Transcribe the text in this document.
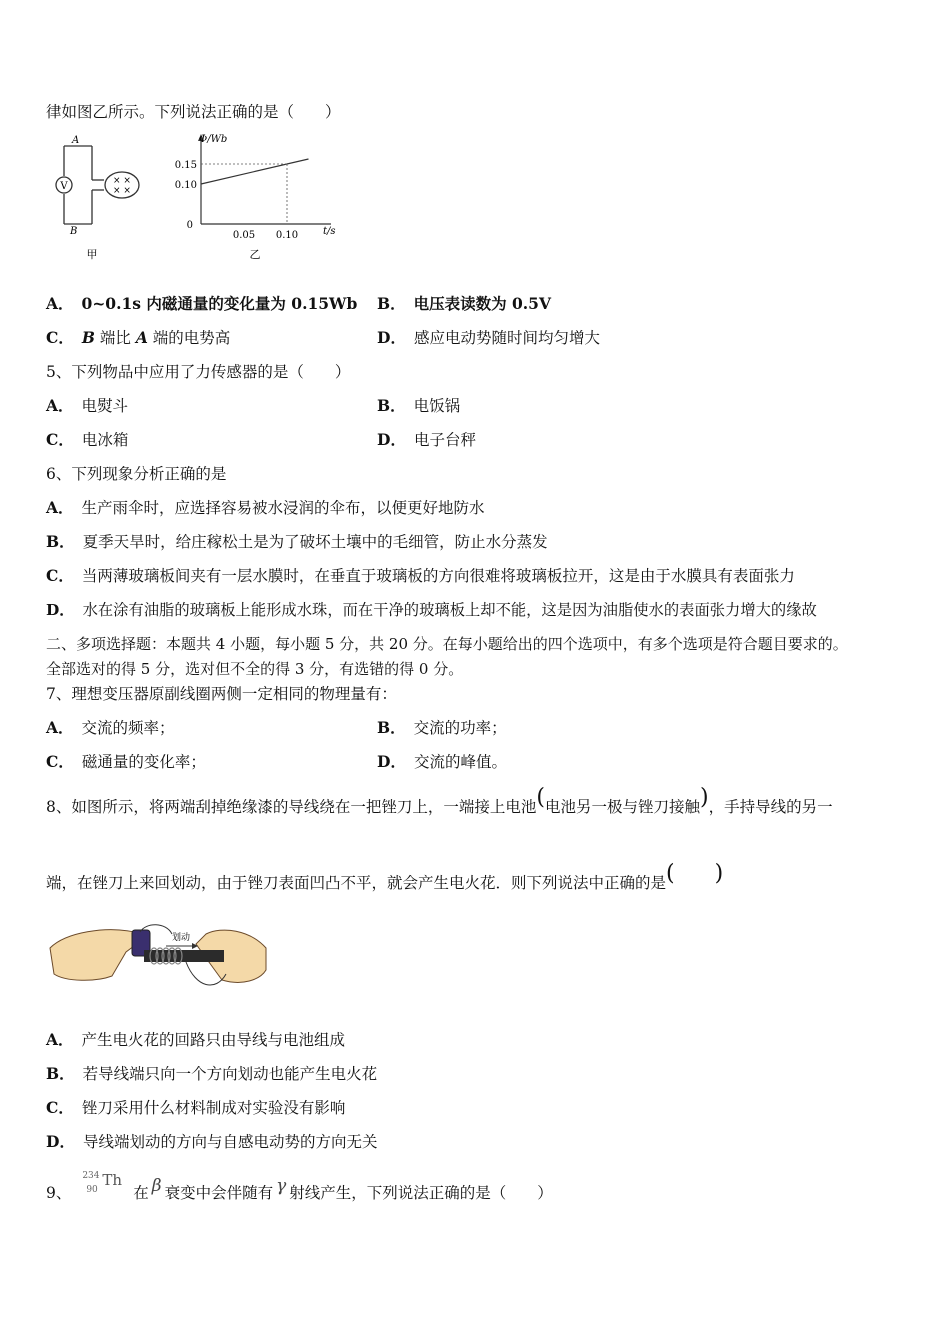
律如图乙所示。下列说法正确的是（　　）
V	× ×
× ×
A
B
甲
0.10
0.15
0.05 0.10
Φ/Wb
t/s
0
乙
A． 0~0.1s 内磁通量的变化量为 0.15Wb B． 电压表读数为 0.5V
C． B 端比 A 端的电势高	D． 感应电动势随时间均匀增大
5、下列物品中应用了力传感器的是（　　）
A． 电熨斗	B． 电饭锅
C． 电冰箱	D． 电子台秤
6、下列现象分析正确的是
A． 生产雨伞时，应选择容易被水浸润的伞布，以便更好地防水
B． 夏季天旱时，给庄稼松土是为了破坏土壤中的毛细管，防止水分蒸发
C． 当两薄玻璃板间夹有一层水膜时，在垂直于玻璃板的方向很难将玻璃板拉开，这是由于水膜具有表面张力
D． 水在涂有油脂的玻璃板上能形成水珠，而在干净的玻璃板上却不能，这是因为油脂使水的表面张力增大的缘故
二、多项选择题：本题共 4 小题，每小题 5 分，共 20 分。在每小题给出的四个选项中，有多个选项是符合题目要求的。
全部选对的得 5 分，选对但不全的得 3 分，有选错的得 0 分。
7、理想变压器原副线圈两侧一定相同的物理量有：
A． 交流的频率；	B． 交流的功率；
C． 磁通量的变化率；	D． 交流的峰值。
8、如图所示，将两端刮掉绝缘漆的导线绕在一把锉刀上，一端接上电池(电池另一极与锉刀接触)，手持导线的另一
端，在锉刀上来回划动，由于锉刀表面凹凸不平，就会产生电火花．则下列说法中正确的是( )
划动
A． 产生电火花的回路只由导线与电池组成
B． 若导线端只向一个方向划动也能产生电火花
C． 锉刀采用什么材料制成对实验没有影响
D． 导线端划动的方向与自感电动势的方向无关
9、
234
90
Th
在 β 衰变中会伴随有 γ 射线产生，下列说法正确的是（　　）
